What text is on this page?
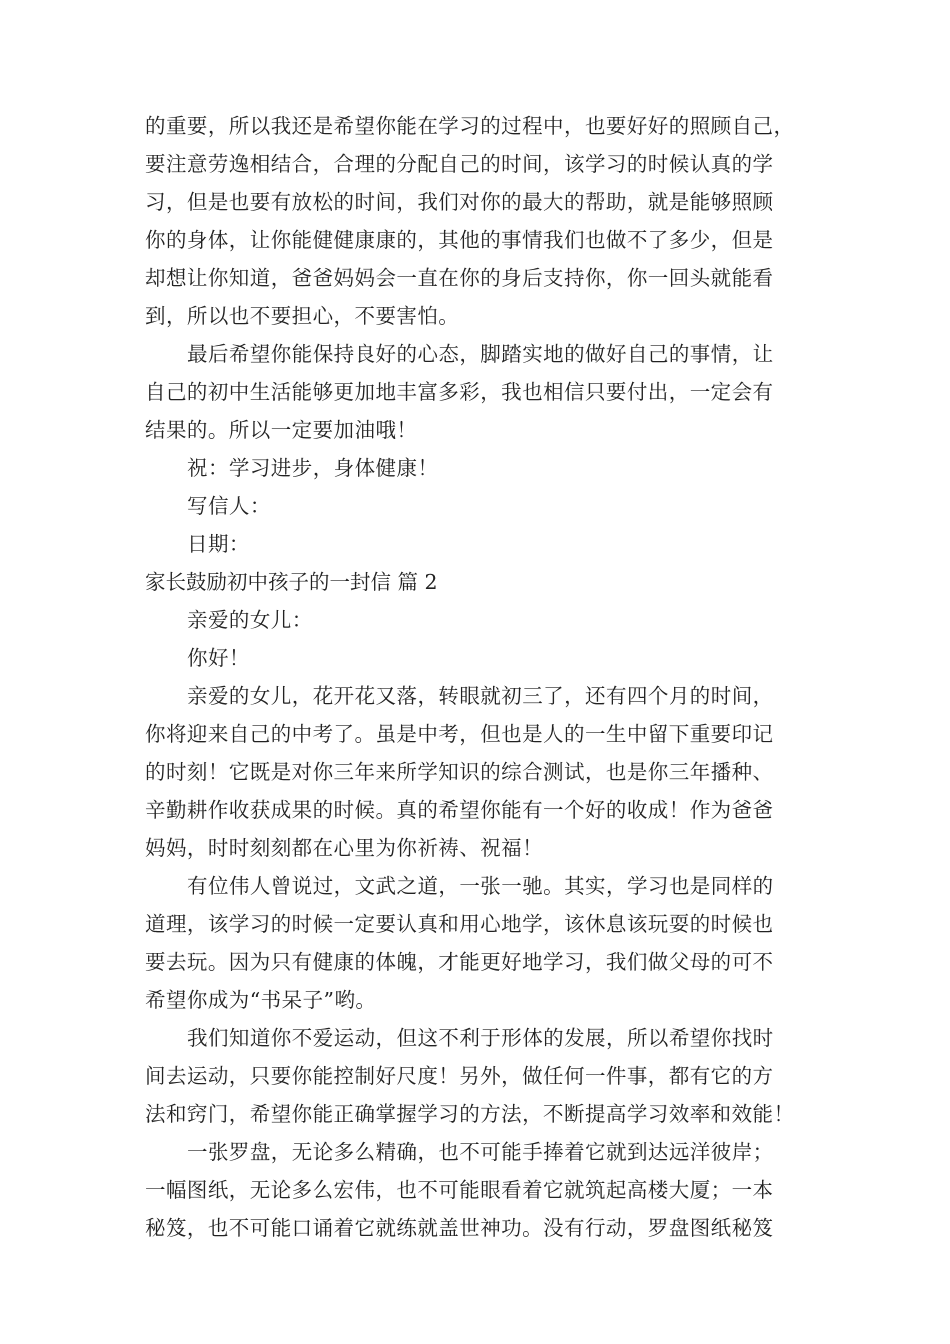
的重要，所以我还是希望你能在学习的过程中，也要好好的照顾自己，
要注意劳逸相结合，合理的分配自己的时间，该学习的时候认真的学
习，但是也要有放松的时间，我们对你的最大的帮助，就是能够照顾
你的身体，让你能健健康康的，其他的事情我们也做不了多少，但是
却想让你知道，爸爸妈妈会一直在你的身后支持你，你一回头就能看
到，所以也不要担心，不要害怕。
最后希望你能保持良好的心态，脚踏实地的做好自己的事情，让
自己的初中生活能够更加地丰富多彩，我也相信只要付出，一定会有
结果的。所以一定要加油哦！
祝：学习进步，身体健康！
写信人：
日期：
家长鼓励初中孩子的一封信 篇 2
亲爱的女儿：
你好！
亲爱的女儿，花开花又落，转眼就初三了，还有四个月的时间，
你将迎来自己的中考了。虽是中考，但也是人的一生中留下重要印记
的时刻！它既是对你三年来所学知识的综合测试，也是你三年播种、
辛勤耕作收获成果的时候。真的希望你能有一个好的收成！作为爸爸
妈妈，时时刻刻都在心里为你祈祷、祝福！
有位伟人曾说过，文武之道，一张一驰。其实，学习也是同样的
道理，该学习的时候一定要认真和用心地学，该休息该玩耍的时候也
要去玩。因为只有健康的体魄，才能更好地学习，我们做父母的可不
希望你成为“书呆子”哟。
我们知道你不爱运动，但这不利于形体的发展，所以希望你找时
间去运动，只要你能控制好尺度！另外，做任何一件事，都有它的方
法和窍门，希望你能正确掌握学习的方法，不断提高学习效率和效能！
一张罗盘，无论多么精确，也不可能手捧着它就到达远洋彼岸；
一幅图纸，无论多么宏伟，也不可能眼看着它就筑起高楼大厦；一本
秘笈，也不可能口诵着它就练就盖世神功。没有行动，罗盘图纸秘笈
